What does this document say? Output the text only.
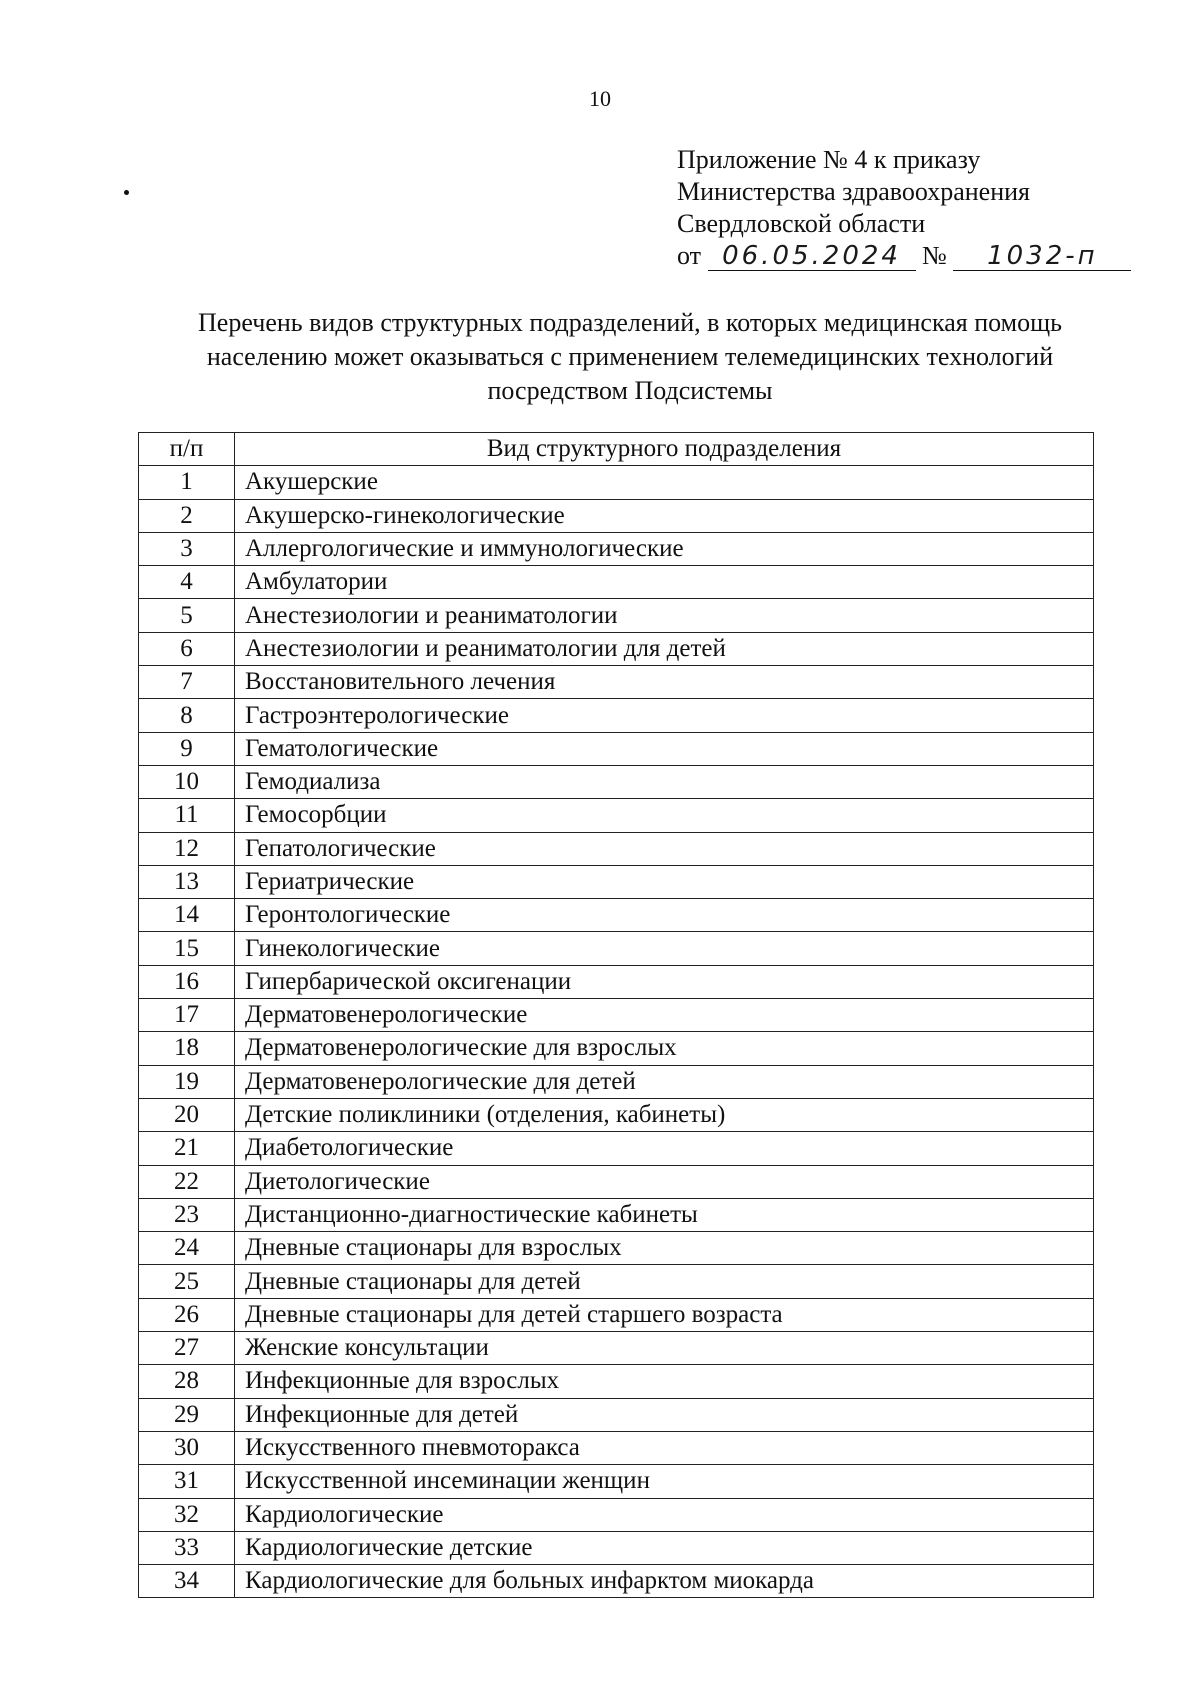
10
Приложение № 4 к приказу
Министерства здравоохранения
Свердловской области
от 06.05.2024 № 1032-п
Перечень видов структурных подразделений, в которых медицинская помощь
населению может оказываться с применением телемедицинских технологий
посредством Подсистемы
п/п	Вид структурного подразделения
1	Акушерские
2	Акушерско-гинекологические
3	Аллергологические и иммунологические
4	Амбулатории
5	Анестезиологии и реаниматологии
6	Анестезиологии и реаниматологии для детей
7	Восстановительного лечения
8	Гастроэнтерологические
9	Гематологические
10	Гемодиализа
11	Гемосорбции
12	Гепатологические
13	Гериатрические
14	Геронтологические
15	Гинекологические
16	Гипербарической оксигенации
17	Дерматовенерологические
18	Дерматовенерологические для взрослых
19	Дерматовенерологические для детей
20	Детские поликлиники (отделения, кабинеты)
21	Диабетологические
22	Диетологические
23	Дистанционно-диагностические кабинеты
24	Дневные стационары для взрослых
25	Дневные стационары для детей
26	Дневные стационары для детей старшего возраста
27	Женские консультации
28	Инфекционные для взрослых
29	Инфекционные для детей
30	Искусственного пневмоторакса
31	Искусственной инсеминации женщин
32	Кардиологические
33	Кардиологические детские
34	Кардиологические для больных инфарктом миокарда
